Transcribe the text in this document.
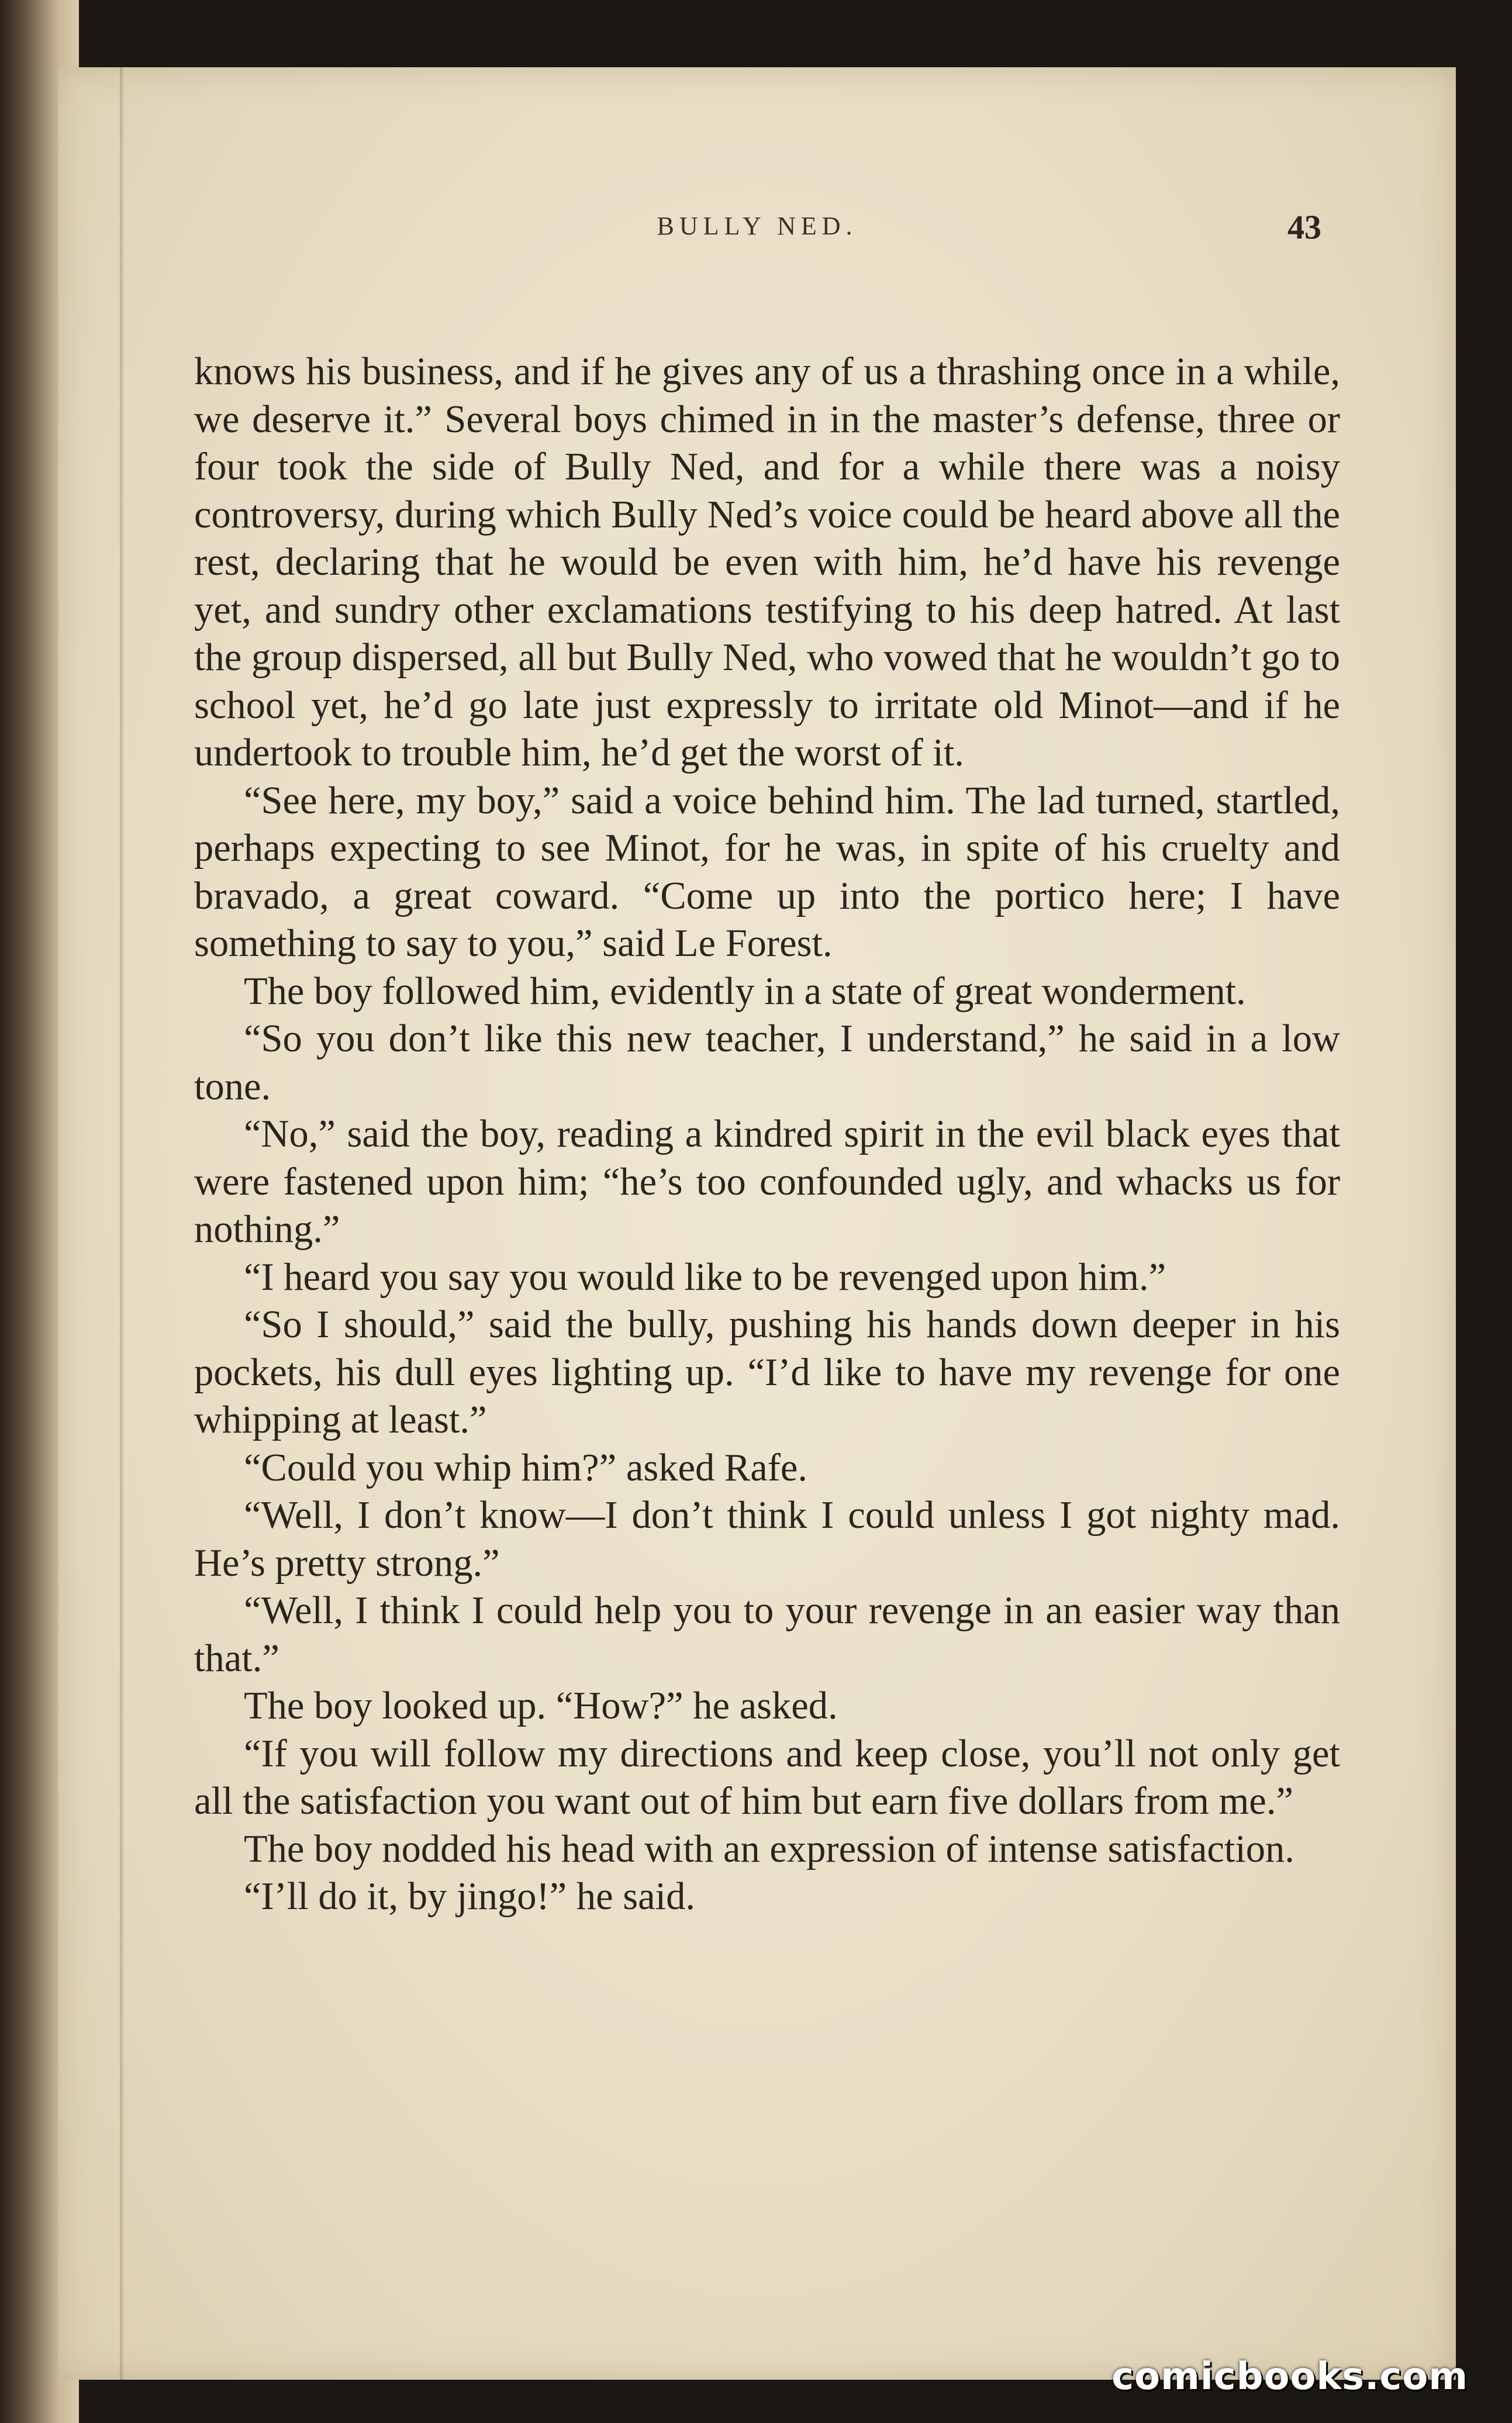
BULLY NED.	43

knows his business, and if he gives any of us a thrashing once in a while, we deserve it.” Several boys chimed in in the master’s defense, three or four took the side of Bully Ned, and for a while there was a noisy controversy, during which Bully Ned’s voice could be heard above all the rest, declaring that he would be even with him, he’d have his revenge yet, and sundry other exclamations testifying to his deep hatred. At last the group dispersed, all but Bully Ned, who vowed that he wouldn’t go to school yet, he’d go late just expressly to irritate old Minot—and if he undertook to trouble him, he’d get the worst of it.

“See here, my boy,” said a voice behind him. The lad turned, startled, perhaps expecting to see Minot, for he was, in spite of his cruelty and bravado, a great coward. “Come up into the portico here; I have something to say to you,” said Le Forest.

The boy followed him, evidently in a state of great wonderment.

“So you don’t like this new teacher, I understand,” he said in a low tone.

“No,” said the boy, reading a kindred spirit in the evil black eyes that were fastened upon him; “he’s too confounded ugly, and whacks us for nothing.”

“I heard you say you would like to be revenged upon him.”

“So I should,” said the bully, pushing his hands down deeper in his pockets, his dull eyes lighting up. “I’d like to have my revenge for one whipping at least.”

“Could you whip him?” asked Rafe.

“Well, I don’t know—I don’t think I could unless I got nighty mad. He’s pretty strong.”

“Well, I think I could help you to your revenge in an easier way than that.”

The boy looked up. “How?” he asked.

“If you will follow my directions and keep close, you’ll not only get all the satisfaction you want out of him but earn five dollars from me.”

The boy nodded his head with an expression of intense satisfaction.

“I’ll do it, by jingo!” he said.

comicbooks.com
